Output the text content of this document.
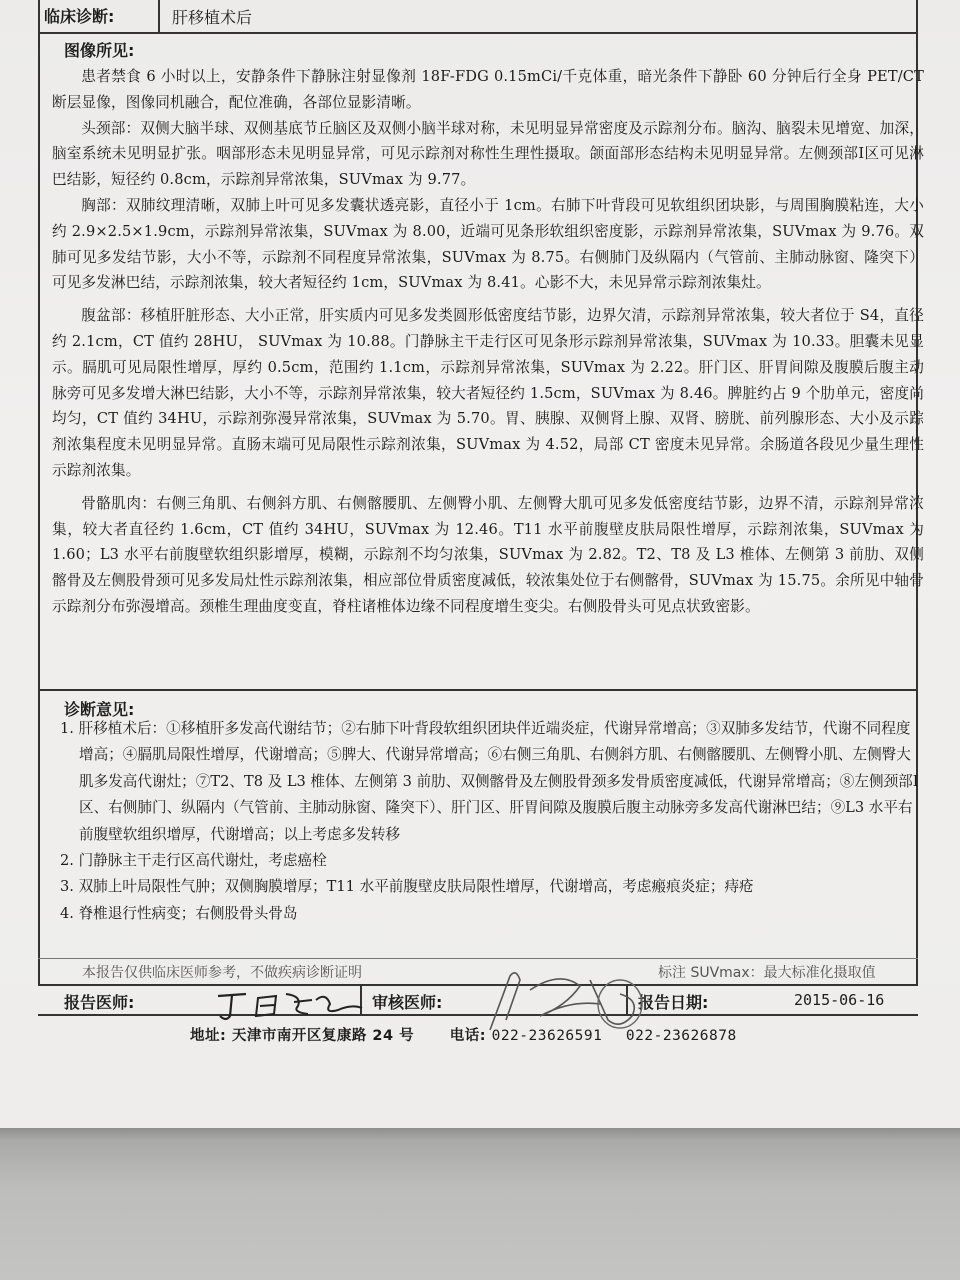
临床诊断:	肝移植术后
图像所见:

患者禁食 6 小时以上，安静条件下静脉注射显像剂 18F-FDG 0.15mCi/千克体重，暗光条件下静卧 60 分钟后行全身 PET/CT 断层显像，图像同机融合，配位准确，各部位显影清晰。

头颈部：双侧大脑半球、双侧基底节丘脑区及双侧小脑半球对称，未见明显异常密度及示踪剂分布。脑沟、脑裂未见增宽、加深，脑室系统未见明显扩张。咽部形态未见明显异常，可见示踪剂对称性生理性摄取。颌面部形态结构未见明显异常。左侧颈部Ⅰ区可见淋巴结影，短径约 0.8cm，示踪剂异常浓集，SUVmax 为 9.77。

胸部：双肺纹理清晰，双肺上叶可见多发囊状透亮影，直径小于 1cm。右肺下叶背段可见软组织团块影，与周围胸膜粘连，大小约 2.9×2.5×1.9cm，示踪剂异常浓集，SUVmax 为 8.00，近端可见条形软组织密度影，示踪剂异常浓集，SUVmax 为 9.76。双肺可见多发结节影，大小不等，示踪剂不同程度异常浓集，SUVmax 为 8.75。右侧肺门及纵隔内（气管前、主肺动脉窗、隆突下）可见多发淋巴结，示踪剂浓集，较大者短径约 1cm，SUVmax 为 8.41。心影不大，未见异常示踪剂浓集灶。

腹盆部：移植肝脏形态、大小正常，肝实质内可见多发类圆形低密度结节影，边界欠清，示踪剂异常浓集，较大者位于 S4，直径约 2.1cm，CT 值约 28HU， SUVmax 为 10.88。门静脉主干走行区可见条形示踪剂异常浓集，SUVmax 为 10.33。胆囊未见显示。膈肌可见局限性增厚，厚约 0.5cm，范围约 1.1cm，示踪剂异常浓集，SUVmax 为 2.22。肝门区、肝胃间隙及腹膜后腹主动脉旁可见多发增大淋巴结影，大小不等，示踪剂异常浓集，较大者短径约 1.5cm，SUVmax 为 8.46。脾脏约占 9 个肋单元，密度尚均匀，CT 值约 34HU，示踪剂弥漫异常浓集，SUVmax 为 5.70。胃、胰腺、双侧肾上腺、双肾、膀胱、前列腺形态、大小及示踪剂浓集程度未见明显异常。直肠末端可见局限性示踪剂浓集，SUVmax 为 4.52，局部 CT 密度未见异常。余肠道各段见少量生理性示踪剂浓集。

骨骼肌肉：右侧三角肌、右侧斜方肌、右侧髂腰肌、左侧臀小肌、左侧臀大肌可见多发低密度结节影，边界不清，示踪剂异常浓集，较大者直径约 1.6cm，CT 值约 34HU，SUVmax 为 12.46。T11 水平前腹壁皮肤局限性增厚，示踪剂浓集，SUVmax 为 1.60；L3 水平右前腹壁软组织影增厚，模糊，示踪剂不均匀浓集，SUVmax 为 2.82。T2、T8 及 L3 椎体、左侧第 3 前肋、双侧髂骨及左侧股骨颈可见多发局灶性示踪剂浓集，相应部位骨质密度减低，较浓集处位于右侧髂骨，SUVmax 为 15.75。余所见中轴骨示踪剂分布弥漫增高。颈椎生理曲度变直，脊柱诸椎体边缘不同程度增生变尖。右侧股骨头可见点状致密影。

诊断意见:

1. 肝移植术后：①移植肝多发高代谢结节；②右肺下叶背段软组织团块伴近端炎症，代谢异常增高；③双肺多发结节，代谢不同程度增高；④膈肌局限性增厚，代谢增高；⑤脾大、代谢异常增高；⑥右侧三角肌、右侧斜方肌、右侧髂腰肌、左侧臀小肌、左侧臀大肌多发高代谢灶；⑦T2、T8 及 L3 椎体、左侧第 3 前肋、双侧髂骨及左侧股骨颈多发骨质密度减低，代谢异常增高；⑧左侧颈部Ⅰ区、右侧肺门、纵隔内（气管前、主肺动脉窗、隆突下）、肝门区、肝胃间隙及腹膜后腹主动脉旁多发高代谢淋巴结；⑨L3 水平右前腹壁软组织增厚，代谢增高；以上考虑多发转移

2. 门静脉主干走行区高代谢灶，考虑癌栓

3. 双肺上叶局限性气肿；双侧胸膜增厚；T11 水平前腹壁皮肤局限性增厚，代谢增高，考虑瘢痕炎症；痔疮

4. 脊椎退行性病变；右侧股骨头骨岛

本报告仅供临床医师参考，不做疾病诊断证明	标注 SUVmax：最大标准化摄取值
报告医师:	审核医师:	报告日期:	2015-06-16
地址: 天津市南开区复康路 24 号 电话: 022-23626591 022-23626878
